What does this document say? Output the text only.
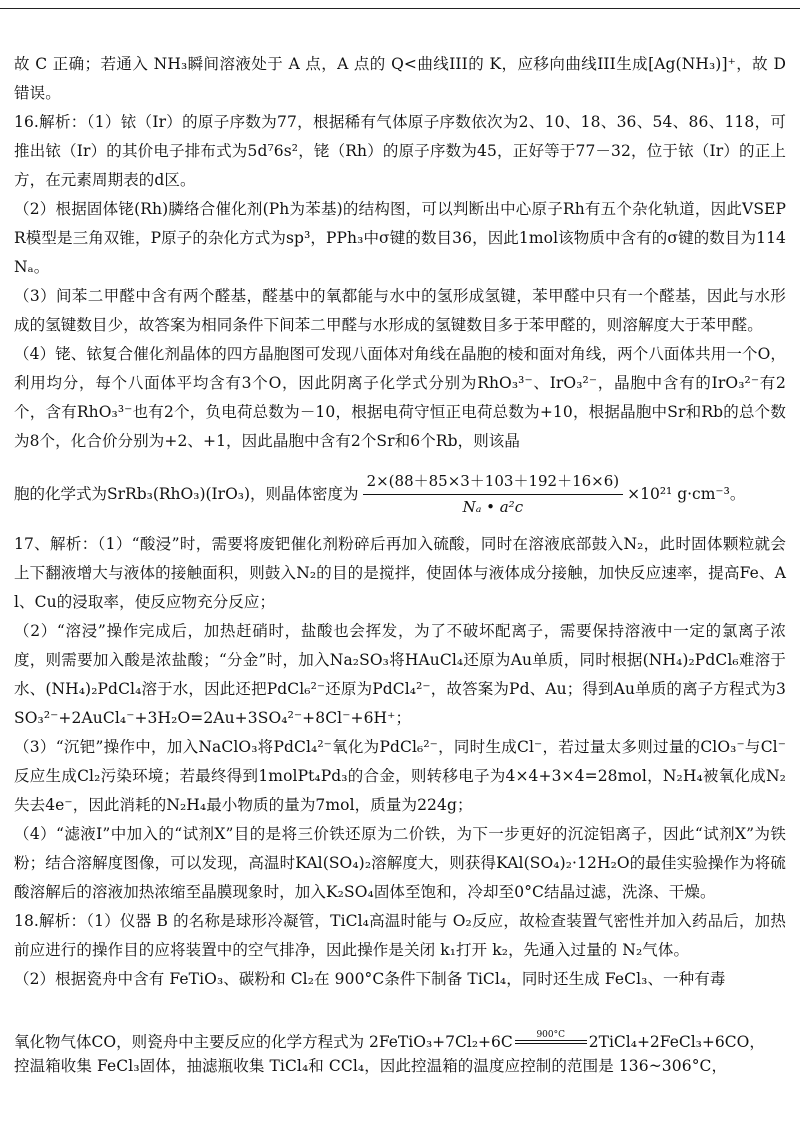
故 C 正确；若通入 NH₃瞬间溶液处于 A 点，A 点的 Q<曲线III的 K，应移向曲线III生成[Ag(NH₃)]⁺，故 D 错误。

16.解析：（1）铱（Ir）的原子序数为77，根据稀有气体原子序数依次为2、10、18、36、54、86、118，可推出铱（Ir）的其价电子排布式为5d⁷6s²，铑（Rh）的原子序数为45，正好等于77－32，位于铱（Ir）的正上方，在元素周期表的d区。

（2）根据固体铑(Rh)膦络合催化剂(Ph为苯基)的结构图，可以判断出中心原子Rh有五个杂化轨道，因此VSEPR模型是三角双锥，P原子的杂化方式为sp³，PPh₃中σ键的数目36，因此1mol该物质中含有的σ键的数目为114Nₐ。

（3）间苯二甲醛中含有两个醛基，醛基中的氧都能与水中的氢形成氢键，苯甲醛中只有一个醛基，因此与水形成的氢键数目少，故答案为相同条件下间苯二甲醛与水形成的氢键数目多于苯甲醛的，则溶解度大于苯甲醛。

（4）铑、铱复合催化剂晶体的四方晶胞图可发现八面体对角线在晶胞的棱和面对角线，两个八面体共用一个O，利用均分，每个八面体平均含有3个O，因此阴离子化学式分别为RhO₃³⁻、IrO₃²⁻，晶胞中含有的IrO₃²⁻有2个，含有RhO₃³⁻也有2个，负电荷总数为－10，根据电荷守恒正电荷总数为+10，根据晶胞中Sr和Rb的总个数为8个，化合价分别为+2、+1，因此晶胞中含有2个Sr和6个Rb，则该晶

胞的化学式为SrRb₃(RhO₃)(IrO₃)，则晶体密度为 $\frac{2\times(88+85\times 3+103+192+16\times 6)}{\text{Nₐ • a²c}} \times 10^{21}$ g·cm⁻³。

17、解析：（1）“酸浸”时，需要将废钯催化剂粉碎后再加入硫酸，同时在溶液底部鼓入N₂，此时固体颗粒就会上下翻液增大与液体的接触面积，则鼓入N₂的目的是搅拌，使固体与液体成分接触，加快反应速率，提高Fe、Al、Cu的浸取率，使反应物充分反应；

（2）“溶浸”操作完成后，加热赶硝时，盐酸也会挥发，为了不破坏配离子，需要保持溶液中一定的氯离子浓度，则需要加入酸是浓盐酸；“分金”时，加入Na₂SO₃将HAuCl₄还原为Au单质，同时根据(NH₄)₂PdCl₆难溶于水、(NH₄)₂PdCl₄溶于水，因此还把PdCl₆²⁻还原为PdCl₄²⁻，故答案为Pd、Au；得到Au单质的离子方程式为3SO₃²⁻+2AuCl₄⁻+3H₂O=2Au+3SO₄²⁻+8Cl⁻+6H⁺；

（3）“沉钯”操作中，加入NaClO₃将PdCl₄²⁻氧化为PdCl₆²⁻，同时生成Cl⁻，若过量太多则过量的ClO₃⁻与Cl⁻反应生成Cl₂污染环境；若最终得到1molPt₄Pd₃的合金，则转移电子为4×4+3×4=28mol，N₂H₄被氧化成N₂失去4e⁻，因此消耗的N₂H₄最小物质的量为7mol，质量为224g；

（4）“滤液I”中加入的“试剂X”目的是将三价铁还原为二价铁，为下一步更好的沉淀铝离子，因此“试剂X”为铁粉；结合溶解度图像，可以发现，高温时KAl(SO₄)₂溶解度大，则获得KAl(SO₄)₂·12H₂O的最佳实验操作为将硫酸溶解后的溶液加热浓缩至晶膜现象时，加入K₂SO₄固体至饱和，冷却至0°C结晶过滤，洗涤、干燥。

18.解析：（1）仪器 B 的名称是球形冷凝管，TiCl₄高温时能与 O₂反应，故检查装置气密性并加入药品后，加热前应进行的操作目的应将装置中的空气排净，因此操作是关闭 k₁打开 k₂，先通入过量的 N₂气体。

（2）根据瓷舟中含有 FeTiO₃、碳粉和 Cl₂在 900°C条件下制备 TiCl₄，同时还生成 FeCl₃、一种有毒

氧化物气体CO，则瓷舟中主要反应的化学方程式为 2FeTiO₃+7Cl₂+6C	900°C 2TiCl₄+2FeCl₃+6CO，

控温箱收集 FeCl₃固体，抽滤瓶收集 TiCl₄和 CCl₄，因此控温箱的温度应控制的范围是 136~306°C，
